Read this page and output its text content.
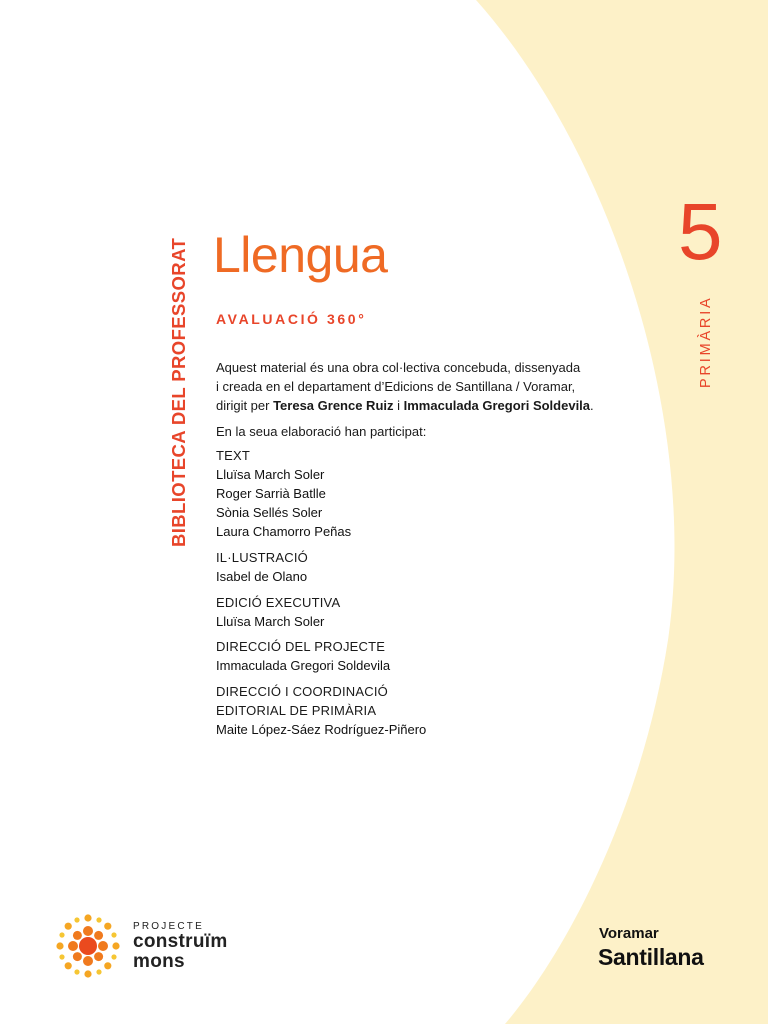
BIBLIOTECA DEL PROFESSORAT Llengua
AVALUACIÓ 360°
5
PRIMÀRIA
Aquest material és una obra col·lectiva concebuda, dissenyada
i creada en el departament d’Edicions de Santillana / Voramar,
dirigit per Teresa Grence Ruiz i Immaculada Gregori Soldevila.
En la seua elaboració han participat:
TEXT
Lluïsa March Soler
Roger Sarrià Batlle
Sònia Sellés Soler
Laura Chamorro Peñas
IL·LUSTRACIÓ
Isabel de Olano
EDICIÓ EXECUTIVA
Lluïsa March Soler
DIRECCIÓ DEL PROJECTE
Immaculada Gregori Soldevila
DIRECCIÓ I COORDINACIÓ
EDITORIAL DE PRIMÀRIA
Maite López-Sáez Rodríguez-Piñero
PROJECTE
construïm
mons
Voramar
Santillana
